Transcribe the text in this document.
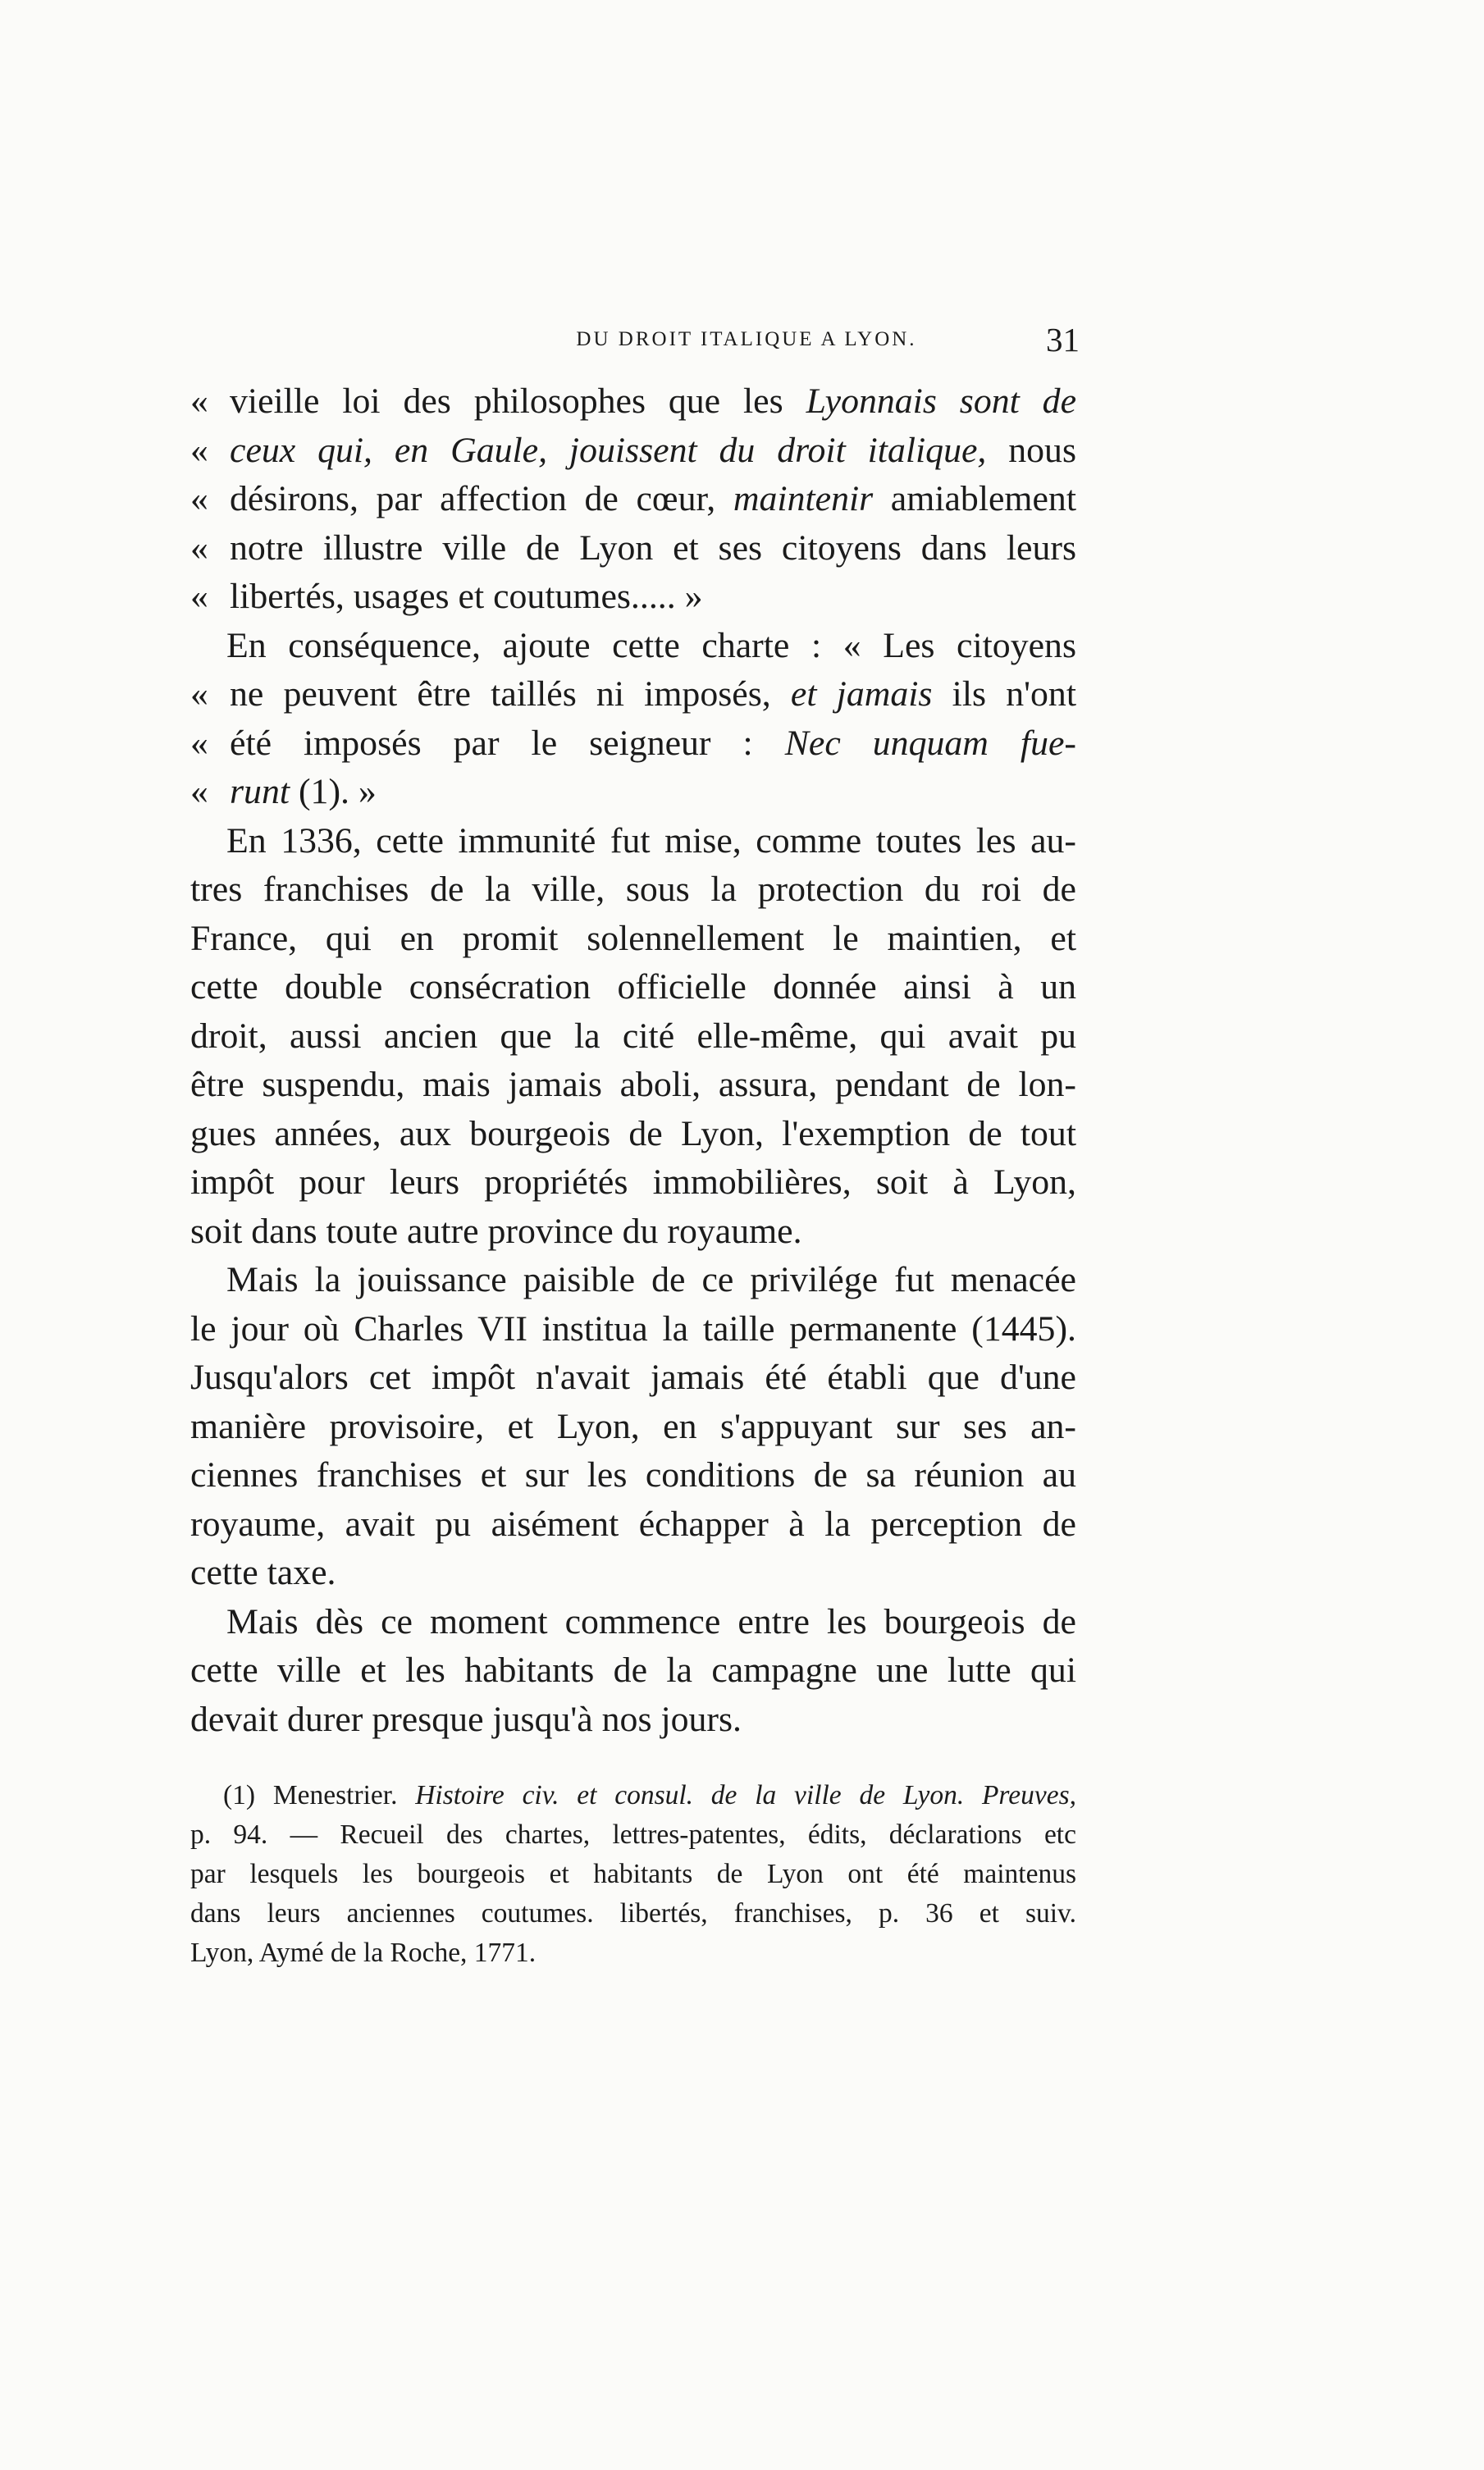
DU DROIT ITALIQUE A LYON.	31
« vieille loi des philosophes que les Lyonnais sont de
« ceux qui, en Gaule, jouissent du droit italique, nous
« désirons, par affection de cœur, maintenir amiablement
« notre illustre ville de Lyon et ses citoyens dans leurs
« libertés, usages et coutumes..... »
En conséquence, ajoute cette charte : « Les citoyens
« ne peuvent être taillés ni imposés, et jamais ils n'ont
« été imposés par le seigneur : Nec unquam fue-
« runt (1). »
En 1336, cette immunité fut mise, comme toutes les au-
tres franchises de la ville, sous la protection du roi de
France, qui en promit solennellement le maintien, et
cette double consécration officielle donnée ainsi à un
droit, aussi ancien que la cité elle-même, qui avait pu
être suspendu, mais jamais aboli, assura, pendant de lon-
gues années, aux bourgeois de Lyon, l'exemption de tout
impôt pour leurs propriétés immobilières, soit à Lyon,
soit dans toute autre province du royaume.
Mais la jouissance paisible de ce privilége fut menacée
le jour où Charles VII institua la taille permanente (1445).
Jusqu'alors cet impôt n'avait jamais été établi que d'une
manière provisoire, et Lyon, en s'appuyant sur ses an-
ciennes franchises et sur les conditions de sa réunion au
royaume, avait pu aisément échapper à la perception de
cette taxe.
Mais dès ce moment commence entre les bourgeois de
cette ville et les habitants de la campagne une lutte qui
devait durer presque jusqu'à nos jours.
(1) Menestrier. Histoire civ. et consul. de la ville de Lyon. Preuves,
p. 94. — Recueil des chartes, lettres-patentes, édits, déclarations etc
par lesquels les bourgeois et habitants de Lyon ont été maintenus
dans leurs anciennes coutumes. libertés, franchises, p. 36 et suiv.
Lyon, Aymé de la Roche, 1771.
